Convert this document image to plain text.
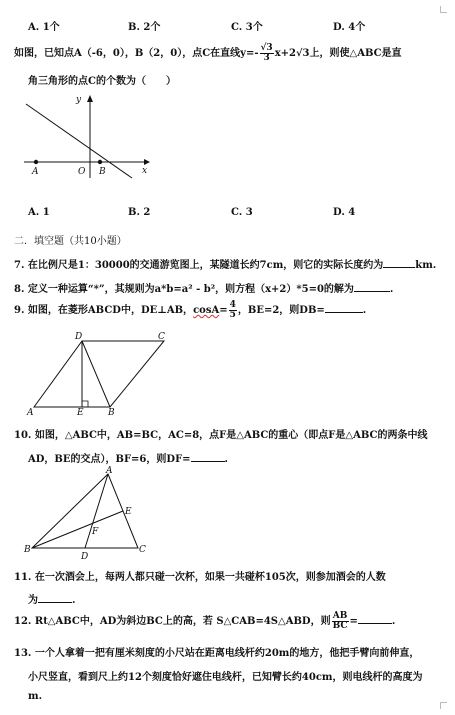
A. 1个	B. 2个	C. 3个	D. 4个
如图，已知点A（-6，0），B（2，0），点C在直线$y=- \frac{√3}{3} x+2√3$上，则使△ABC是直
角三角形的点C的个数为（　　）
y
x
A	O B
A. 1	B. 2	C. 3	D. 4
二．填空题（共10小题）
7. 在比例尺是1：30000的交通游览图上，某隧道长约7cm，则它的实际长度约为	km.
8. 定义一种运算“*”，其规则为a*b=a² - b²，则方程（x+2）*5=0的解为	.
9. 如图，在菱形ABCD中，DE⊥AB，$\cos A= \frac{4}{5}$ ，BE=2，则DB=	.
D	C
A	E	B
10. 如图，△ABC中，AB=BC，AC=8，点F是△ABC的重心（即点F是△ABC的两条中线
AD，BE的交点），BF=6，则DF=	.
A
E
F
B
D
C
11. 在一次酒会上，每两人都只碰一次杯，如果一共碰杯105次，则参加酒会的人数
为	.
12. Rt△ABC中，AD为斜边BC上的高，若 S△CAB=4S△ABD，则 $\frac{AB}{BC}$ =	.
13. 一个人拿着一把有厘米刻度的小尺站在距离电线杆约20m的地方，他把手臂向前伸直，
小尺竖直，看到尺上约12个刻度恰好遮住电线杆，已知臂长约40cm，则电线杆的高度为
m.
